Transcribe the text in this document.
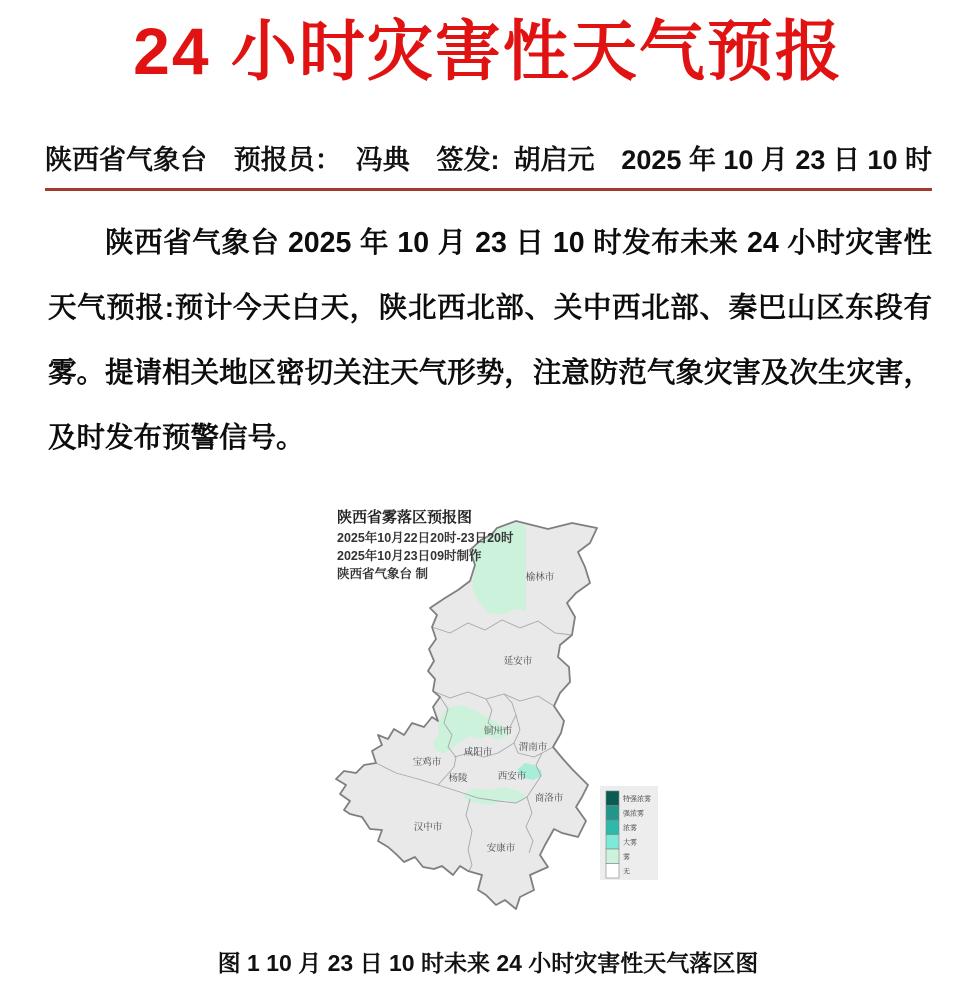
24 小时灾害性天气预报
陕西省气象台 预报员： 冯典 签发: 胡启元 2025 年 10 月 23 日 10 时
陕西省气象台 2025 年 10 月 23 日 10 时发布未来 24 小时灾害性天气预报:预计今天白天，陕北西北部、关中西北部、秦巴山区东段有雾。提请相关地区密切关注天气形势，注意防范气象灾害及次生灾害，及时发布预警信号。
陕西省雾落区预报图
2025年10月22日20时-23日20时
2025年10月23日09时制作
陕西省气象台 制	榆林市
延安市
铜川市
渭南市
咸阳市
宝鸡市
杨陵	西安市
商洛市
汉中市
安康市
特强浓雾
强浓雾
浓雾
大雾
雾
无
图 1 10 月 23 日 10 时未来 24 小时灾害性天气落区图
